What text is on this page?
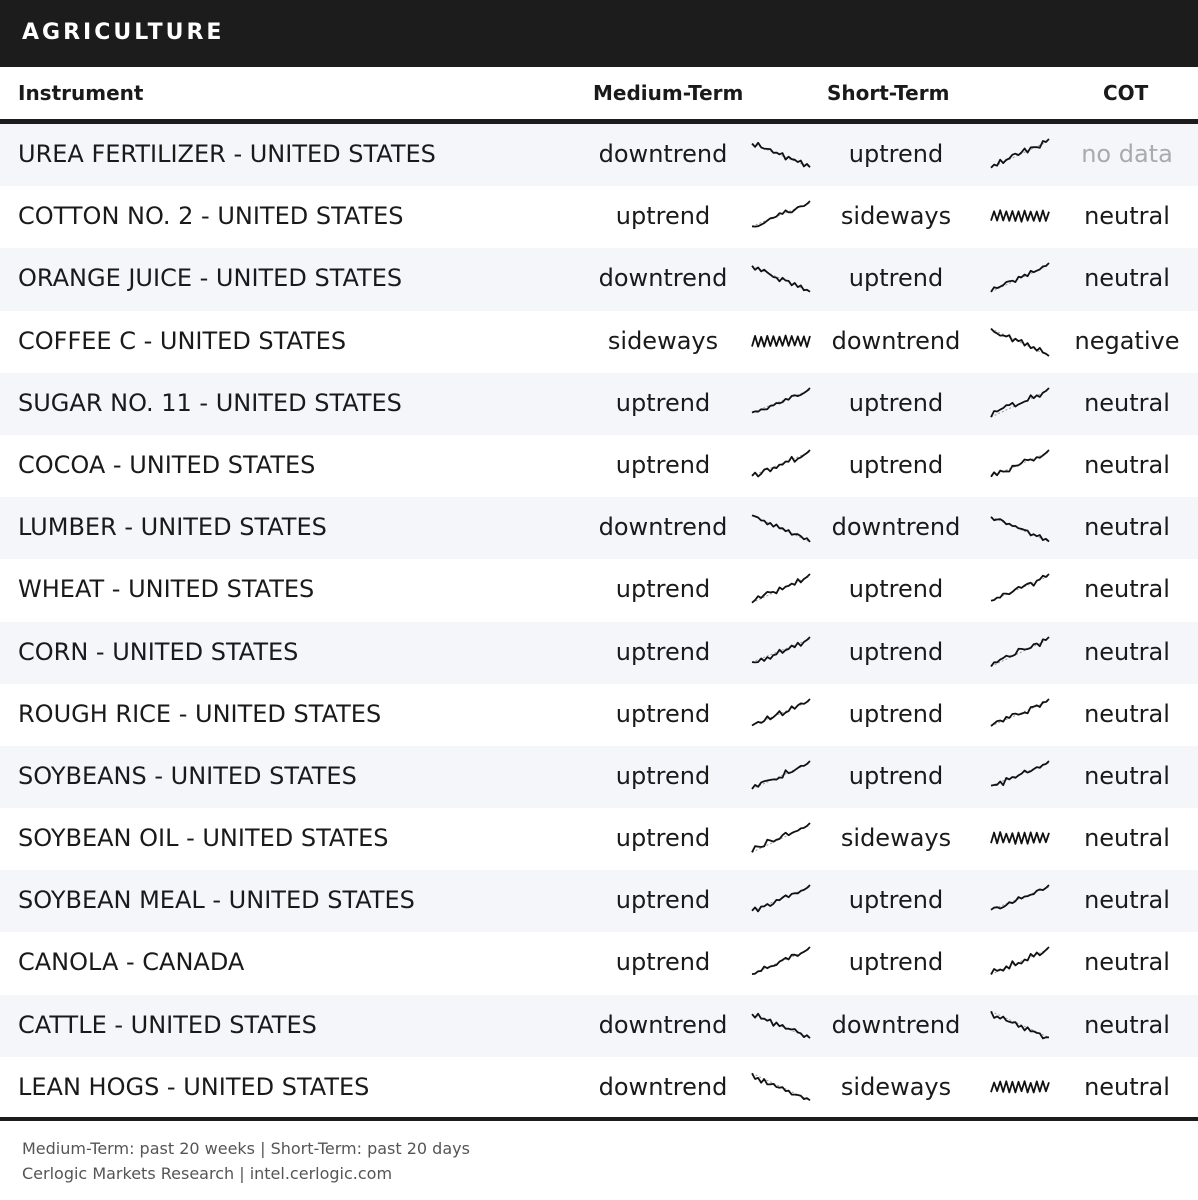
AGRICULTURE
Instrument	Medium-Term	Short-Term	COT
UREA FERTILIZER - UNITED STATES	downtrend	uptrend	no data
COTTON NO. 2 - UNITED STATES	uptrend	sideways	neutral
ORANGE JUICE - UNITED STATES	downtrend	uptrend	neutral
COFFEE C - UNITED STATES	sideways	downtrend	negative
SUGAR NO. 11 - UNITED STATES	uptrend	uptrend	neutral
COCOA - UNITED STATES	uptrend	uptrend	neutral
LUMBER - UNITED STATES	downtrend	downtrend	neutral
WHEAT - UNITED STATES	uptrend	uptrend	neutral
CORN - UNITED STATES	uptrend	uptrend	neutral
ROUGH RICE - UNITED STATES	uptrend	uptrend	neutral
SOYBEANS - UNITED STATES	uptrend	uptrend	neutral
SOYBEAN OIL - UNITED STATES	uptrend	sideways	neutral
SOYBEAN MEAL - UNITED STATES	uptrend	uptrend	neutral
CANOLA - CANADA	uptrend	uptrend	neutral
CATTLE - UNITED STATES	downtrend	downtrend	neutral
LEAN HOGS - UNITED STATES	downtrend	sideways	neutral
Medium-Term: past 20 weeks | Short-Term: past 20 days
Cerlogic Markets Research | intel.cerlogic.com
